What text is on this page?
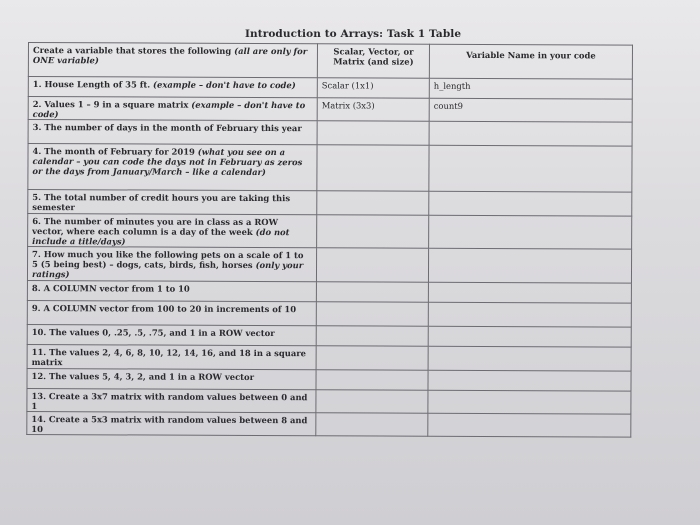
Introduction to Arrays: Task 1 Table
Create a variable that stores the following (all are only for ONE variable)	Scalar, Vector, or Matrix (and size)	Variable Name in your code
1. House Length of 35 ft. (example – don't have to code)	Scalar (1x1)	h_length
2. Values 1 – 9 in a square matrix (example – don't have to code)	Matrix (3x3)	count9
3. The number of days in the month of February this year		
4. The month of February for 2019 (what you see on a calendar – you can code the days not in February as zeros or the days from January/March – like a calendar)		
5. The total number of credit hours you are taking this semester		
6. The number of minutes you are in class as a ROW vector, where each column is a day of the week (do not include a title/days)		
7. How much you like the following pets on a scale of 1 to 5 (5 being best) – dogs, cats, birds, fish, horses (only your ratings)		
8. A COLUMN vector from 1 to 10		
9. A COLUMN vector from 100 to 20 in increments of 10		
10. The values 0, .25, .5, .75, and 1 in a ROW vector		
11. The values 2, 4, 6, 8, 10, 12, 14, 16, and 18 in a square matrix		
12. The values 5, 4, 3, 2, and 1 in a ROW vector		
13. Create a 3x7 matrix with random values between 0 and 1		
14. Create a 5x3 matrix with random values between 8 and 10		
